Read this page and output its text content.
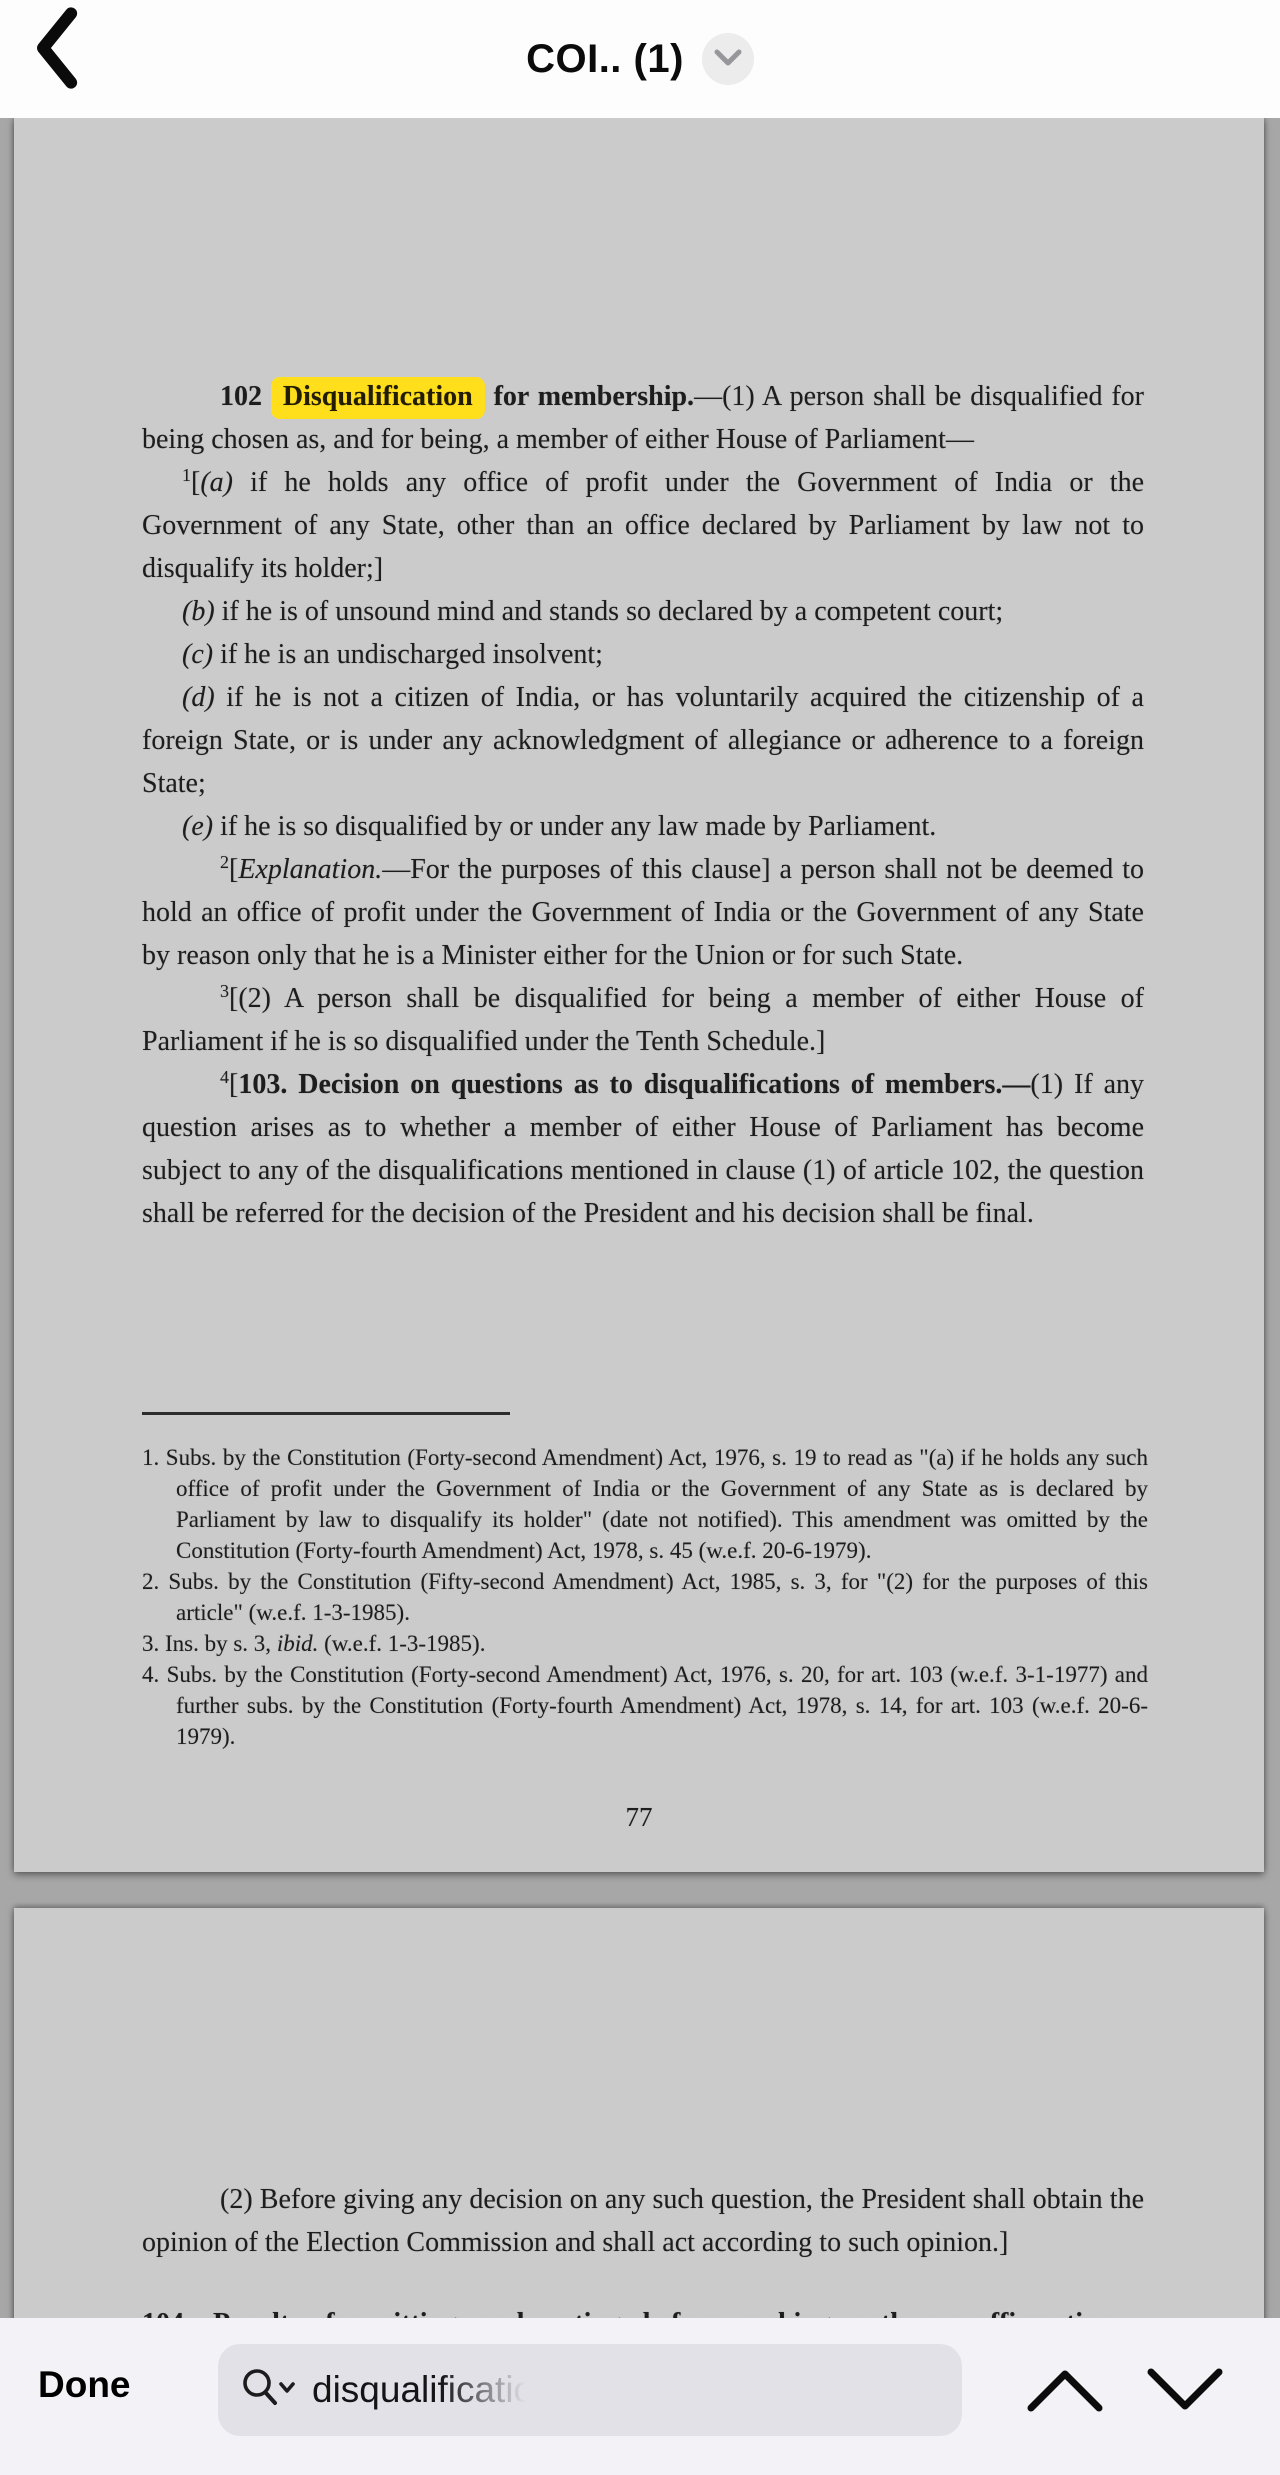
COI.. (1)

102 Disqualification for membership.—(1) A person shall be disqualified for being chosen as, and for being, a member of either House of Parliament—

$^1$[(a) if he holds any office of profit under the Government of India or the Government of any State, other than an office declared by Parliament by law not to disqualify its holder;]

(b) if he is of unsound mind and stands so declared by a competent court;

(c) if he is an undischarged insolvent;

(d) if he is not a citizen of India, or has voluntarily acquired the citizenship of a foreign State, or is under any acknowledgment of allegiance or adherence to a foreign State;

(e) if he is so disqualified by or under any law made by Parliament.

$^2$[Explanation.—For the purposes of this clause] a person shall not be deemed to hold an office of profit under the Government of India or the Government of any State by reason only that he is a Minister either for the Union or for such State.

$^3$[(2) A person shall be disqualified for being a member of either House of Parliament if he is so disqualified under the Tenth Schedule.]

$^4$[103. Decision on questions as to disqualifications of members.—(1) If any question arises as to whether a member of either House of Parliament has become subject to any of the disqualifications mentioned in clause (1) of article 102, the question shall be referred for the decision of the President and his decision shall be final.

1. Subs. by the Constitution (Forty-second Amendment) Act, 1976, s. 19 to read as "(a) if he holds any such office of profit under the Government of India or the Government of any State as is declared by Parliament by law to disqualify its holder" (date not notified). This amendment was omitted by the Constitution (Forty-fourth Amendment) Act, 1978, s. 45 (w.e.f. 20-6-1979).

2. Subs. by the Constitution (Fifty-second Amendment) Act, 1985, s. 3, for "(2) for the purposes of this article" (w.e.f. 1-3-1985).

3. Ins. by s. 3, ibid. (w.e.f. 1-3-1985).

4. Subs. by the Constitution (Forty-second Amendment) Act, 1976, s. 20, for art. 103 (w.e.f. 3-1-1977) and further subs. by the Constitution (Forty-fourth Amendment) Act, 1978, s. 14, for art. 103 (w.e.f. 20-6-1979).

77

(2) Before giving any decision on any such question, the President shall obtain the opinion of the Election Commission and shall act according to such opinion.]

Done	disqualificatio
